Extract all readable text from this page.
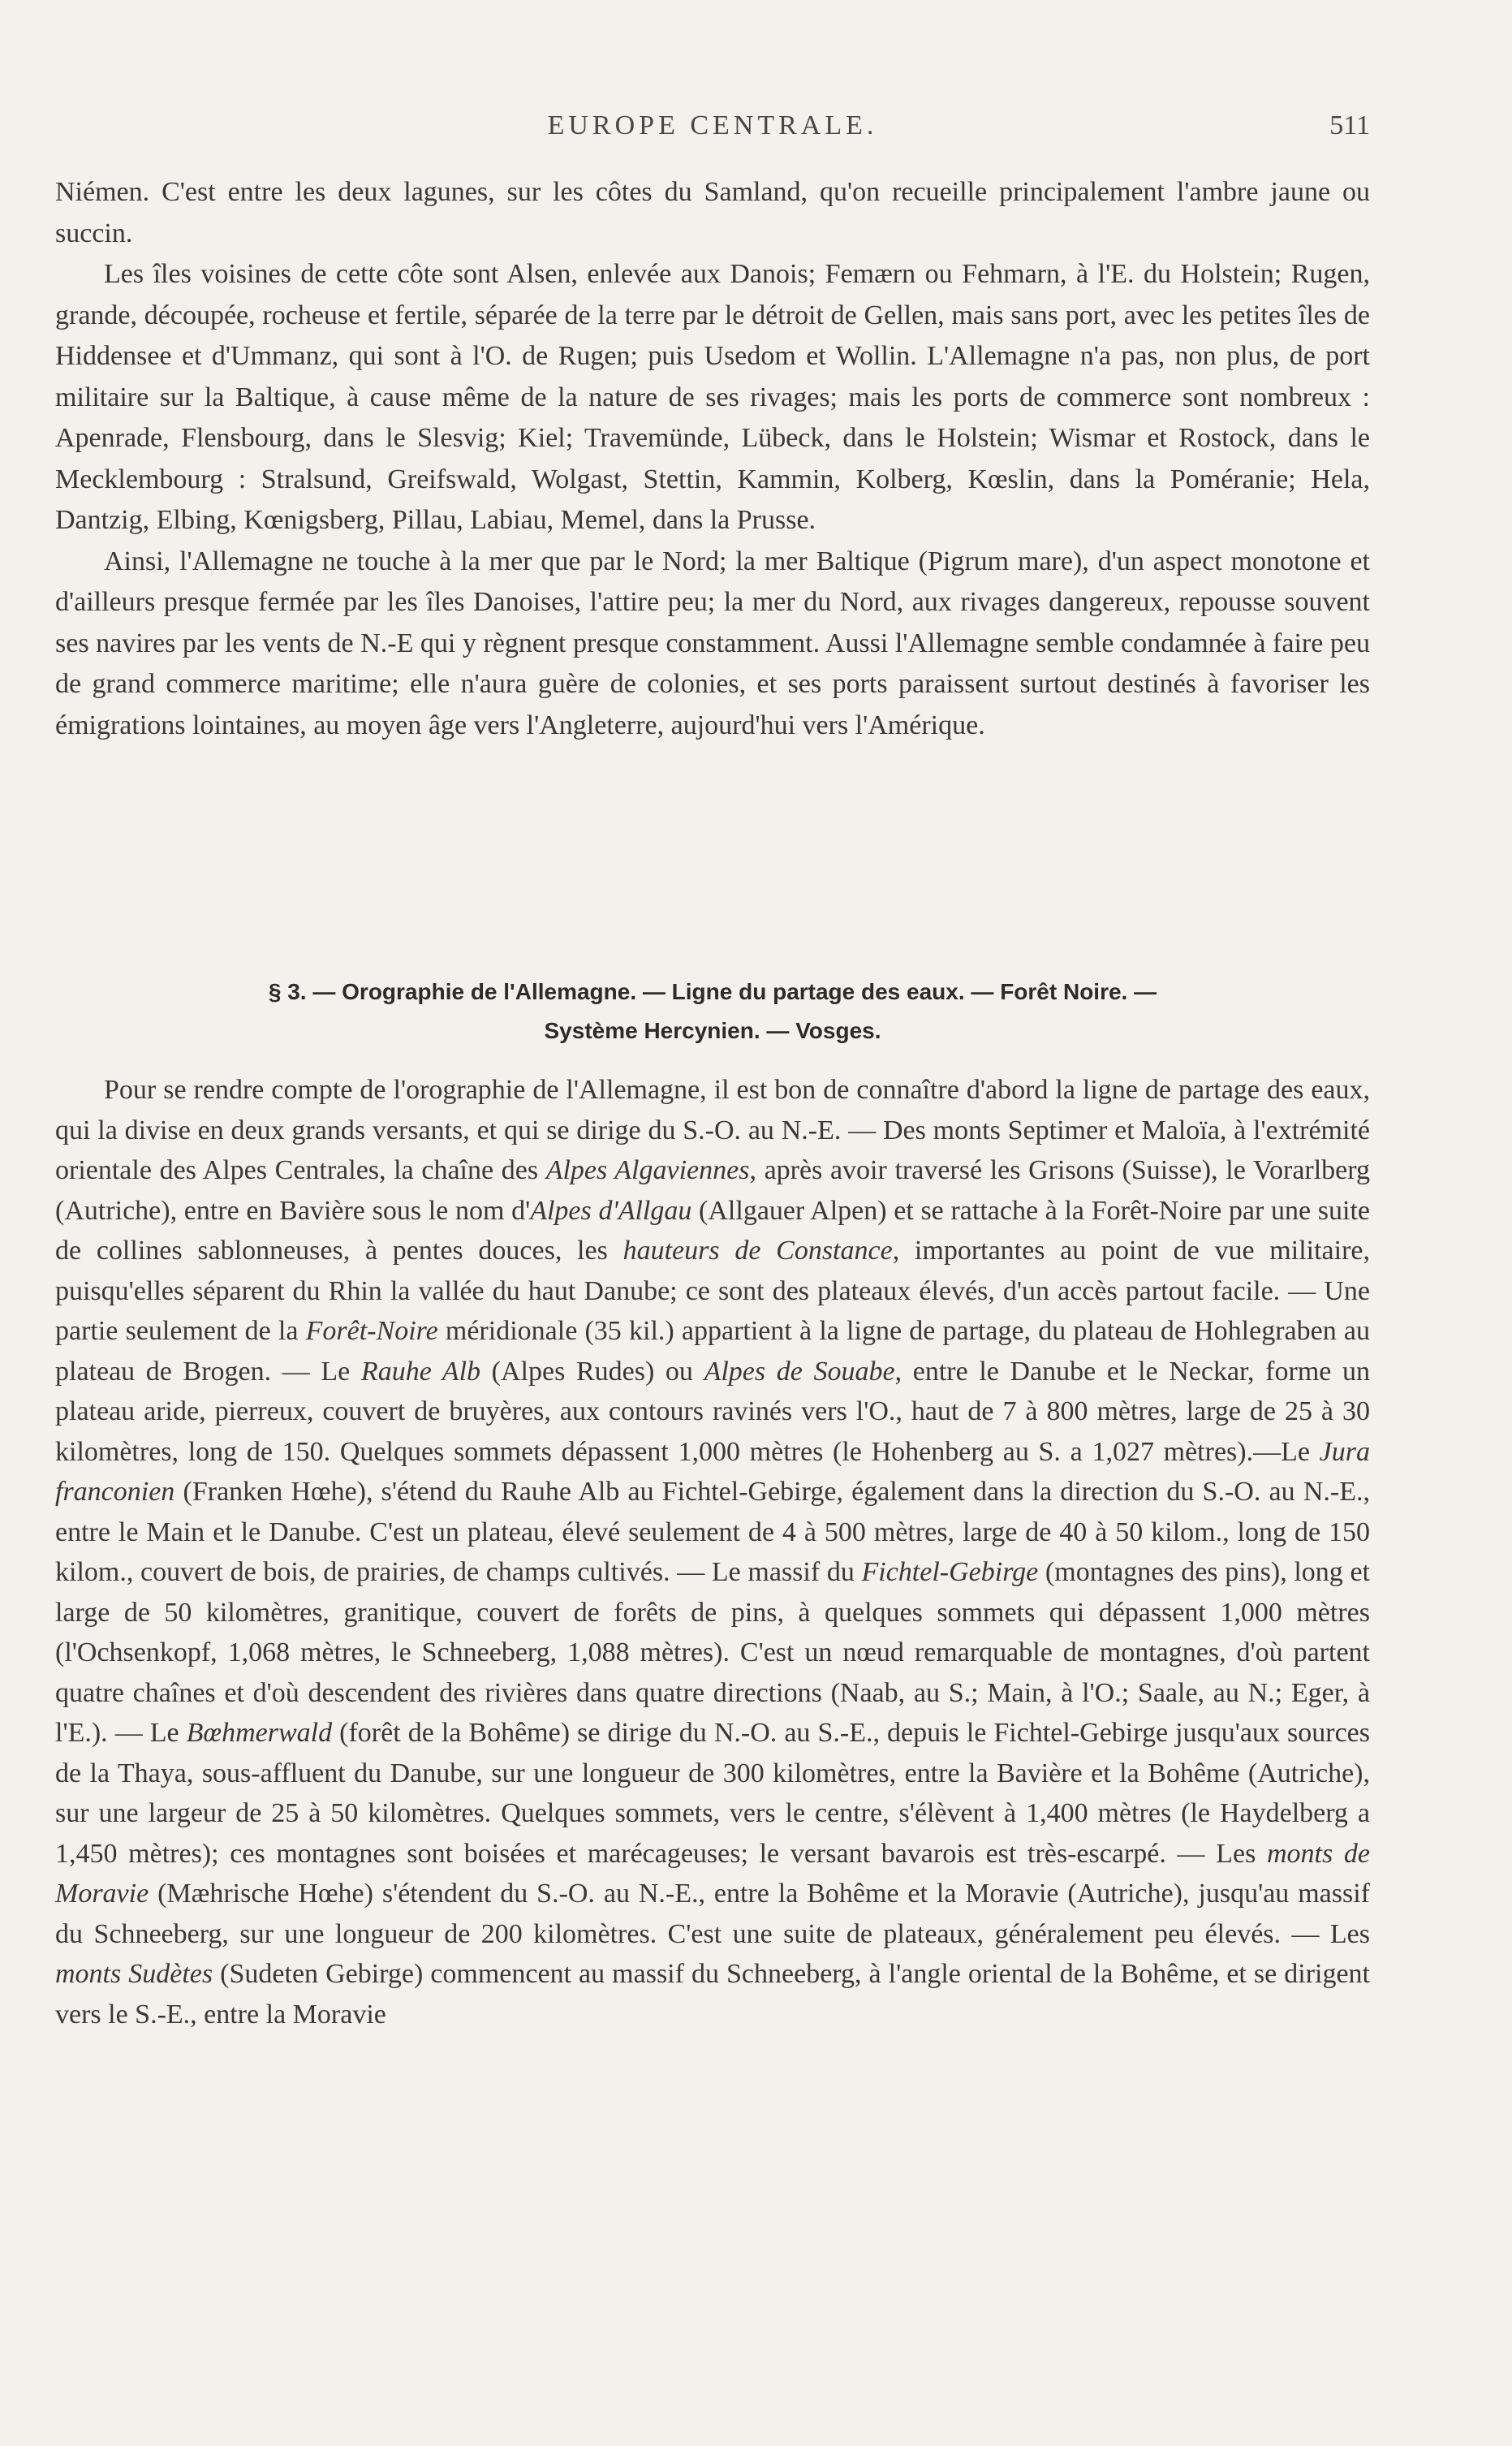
EUROPE CENTRALE.	511

Niémen. C'est entre les deux lagunes, sur les côtes du Samland, qu'on recueille principalement l'ambre jaune ou succin.

Les îles voisines de cette côte sont Alsen, enlevée aux Danois; Femærn ou Fehmarn, à l'E. du Holstein; Rugen, grande, découpée, rocheuse et fertile, séparée de la terre par le détroit de Gellen, mais sans port, avec les petites îles de Hiddensee et d'Ummanz, qui sont à l'O. de Rugen; puis Usedom et Wollin. L'Allemagne n'a pas, non plus, de port militaire sur la Baltique, à cause même de la nature de ses rivages; mais les ports de commerce sont nombreux : Apenrade, Flensbourg, dans le Slesvig; Kiel; Travemünde, Lübeck, dans le Holstein; Wismar et Rostock, dans le Mecklembourg : Stralsund, Greifswald, Wolgast, Stettin, Kammin, Kolberg, Kœslin, dans la Poméranie; Hela, Dantzig, Elbing, Kœnigsberg, Pillau, Labiau, Memel, dans la Prusse.

Ainsi, l'Allemagne ne touche à la mer que par le Nord; la mer Baltique (Pigrum mare), d'un aspect monotone et d'ailleurs presque fermée par les îles Danoises, l'attire peu; la mer du Nord, aux rivages dangereux, repousse souvent ses navires par les vents de N.-E qui y règnent presque constamment. Aussi l'Allemagne semble condamnée à faire peu de grand commerce maritime; elle n'aura guère de colonies, et ses ports paraissent surtout destinés à favoriser les émigrations lointaines, au moyen âge vers l'Angleterre, aujourd'hui vers l'Amérique.

§ 3. — Orographie de l'Allemagne. — Ligne du partage des eaux. — Forêt Noire. —
Système Hercynien. — Vosges.

Pour se rendre compte de l'orographie de l'Allemagne, il est bon de connaître d'abord la ligne de partage des eaux, qui la divise en deux grands versants, et qui se dirige du S.-O. au N.-E. — Des monts Septimer et Maloïa, à l'extrémité orientale des Alpes Centrales, la chaîne des Alpes Algaviennes, après avoir traversé les Grisons (Suisse), le Vorarlberg (Autriche), entre en Bavière sous le nom d'Alpes d'Allgau (Allgauer Alpen) et se rattache à la Forêt-Noire par une suite de collines sablonneuses, à pentes douces, les hauteurs de Constance, importantes au point de vue militaire, puisqu'elles séparent du Rhin la vallée du haut Danube; ce sont des plateaux élevés, d'un accès partout facile. — Une partie seulement de la Forêt-Noire méridionale (35 kil.) appartient à la ligne de partage, du plateau de Hohlegraben au plateau de Brogen. — Le Rauhe Alb (Alpes Rudes) ou Alpes de Souabe, entre le Danube et le Neckar, forme un plateau aride, pierreux, couvert de bruyères, aux contours ravinés vers l'O., haut de 7 à 800 mètres, large de 25 à 30 kilomètres, long de 150. Quelques sommets dépassent 1,000 mètres (le Hohenberg au S. a 1,027 mètres).—Le Jura franconien (Franken Hœhe), s'étend du Rauhe Alb au Fichtel-Gebirge, également dans la direction du S.-O. au N.-E., entre le Main et le Danube. C'est un plateau, élevé seulement de 4 à 500 mètres, large de 40 à 50 kilom., long de 150 kilom., couvert de bois, de prairies, de champs cultivés. — Le massif du Fichtel-Gebirge (montagnes des pins), long et large de 50 kilomètres, granitique, couvert de forêts de pins, à quelques sommets qui dépassent 1,000 mètres (l'Ochsenkopf, 1,068 mètres, le Schneeberg, 1,088 mètres). C'est un nœud remarquable de montagnes, d'où partent quatre chaînes et d'où descendent des rivières dans quatre directions (Naab, au S.; Main, à l'O.; Saale, au N.; Eger, à l'E.). — Le Bœhmerwald (forêt de la Bohême) se dirige du N.-O. au S.-E., depuis le Fichtel-Gebirge jusqu'aux sources de la Thaya, sous-affluent du Danube, sur une longueur de 300 kilomètres, entre la Bavière et la Bohême (Autriche), sur une largeur de 25 à 50 kilomètres. Quelques sommets, vers le centre, s'élèvent à 1,400 mètres (le Haydelberg a 1,450 mètres); ces montagnes sont boisées et marécageuses; le versant bavarois est très-escarpé. — Les monts de Moravie (Mæhrische Hœhe) s'étendent du S.-O. au N.-E., entre la Bohême et la Moravie (Autriche), jusqu'au massif du Schneeberg, sur une longueur de 200 kilomètres. C'est une suite de plateaux, généralement peu élevés. — Les monts Sudètes (Sudeten Gebirge) commencent au massif du Schneeberg, à l'angle oriental de la Bohême, et se dirigent vers le S.-E., entre la Moravie
